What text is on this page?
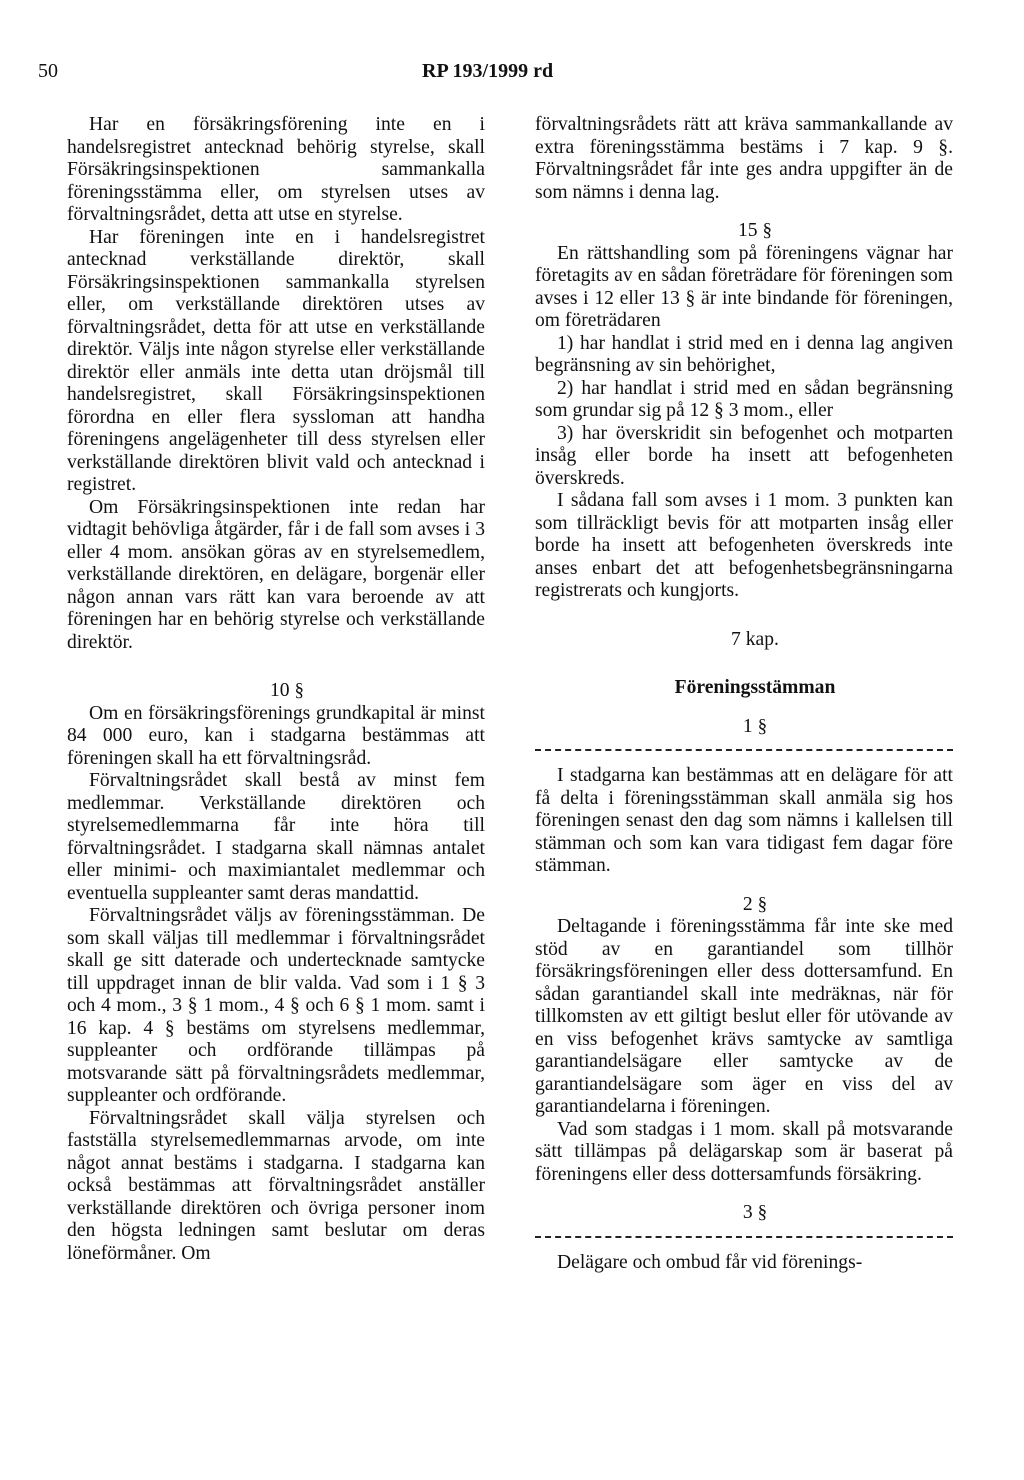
50	RP 193/1999 rd

Har en försäkringsförening inte en i handelsregistret antecknad behörig styrelse, skall Försäkringsinspektionen sammankalla föreningsstämma eller, om styrelsen utses av förvaltningsrådet, detta att utse en styrelse.

Har föreningen inte en i handelsregistret antecknad verkställande direktör, skall Försäkringsinspektionen sammankalla styrelsen eller, om verkställande direktören utses av förvaltningsrådet, detta för att utse en verkställande direktör. Väljs inte någon styrelse eller verkställande direktör eller anmäls inte detta utan dröjsmål till handelsregistret, skall Försäkringsinspektionen förordna en eller flera syssloman att handha föreningens angelägenheter till dess styrelsen eller verkställande direktören blivit vald och antecknad i registret.

Om Försäkringsinspektionen inte redan har vidtagit behövliga åtgärder, får i de fall som avses i 3 eller 4 mom. ansökan göras av en styrelsemedlem, verkställande direktören, en delägare, borgenär eller någon annan vars rätt kan vara beroende av att föreningen har en behörig styrelse och verkställande direktör.

10 §

Om en försäkringsförenings grundkapital är minst 84 000 euro, kan i stadgarna bestämmas att föreningen skall ha ett förvaltningsråd.

Förvaltningsrådet skall bestå av minst fem medlemmar. Verkställande direktören och styrelsemedlemmarna får inte höra till förvaltningsrådet. I stadgarna skall nämnas antalet eller minimi- och maximiantalet medlemmar och eventuella suppleanter samt deras mandattid.

Förvaltningsrådet väljs av föreningsstämman. De som skall väljas till medlemmar i förvaltningsrådet skall ge sitt daterade och undertecknade samtycke till uppdraget innan de blir valda. Vad som i 1 § 3 och 4 mom., 3 § 1 mom., 4 § och 6 § 1 mom. samt i 16 kap. 4 § bestäms om styrelsens medlemmar, suppleanter och ordförande tillämpas på motsvarande sätt på förvaltningsrådets medlemmar, suppleanter och ordförande.

Förvaltningsrådet skall välja styrelsen och fastställa styrelsemedlemmarnas arvode, om inte något annat bestäms i stadgarna. I stadgarna kan också bestämmas att förvaltningsrådet anställer verkställande direktören och övriga personer inom den högsta ledningen samt beslutar om deras löneförmåner. Om

förvaltningsrådets rätt att kräva sammankallande av extra föreningsstämma bestäms i 7 kap. 9 §. Förvaltningsrådet får inte ges andra uppgifter än de som nämns i denna lag.

15 §

En rättshandling som på föreningens vägnar har företagits av en sådan företrädare för föreningen som avses i 12 eller 13 § är inte bindande för föreningen, om företrädaren

1) har handlat i strid med en i denna lag angiven begränsning av sin behörighet,

2) har handlat i strid med en sådan begränsning som grundar sig på 12 § 3 mom., eller

3) har överskridit sin befogenhet och motparten insåg eller borde ha insett att befogenheten överskreds.

I sådana fall som avses i 1 mom. 3 punkten kan som tillräckligt bevis för att motparten insåg eller borde ha insett att befogenheten överskreds inte anses enbart det att befogenhetsbegränsningarna registrerats och kungjorts.

7 kap.

Föreningsstämman

1 §

I stadgarna kan bestämmas att en delägare för att få delta i föreningsstämman skall anmäla sig hos föreningen senast den dag som nämns i kallelsen till stämman och som kan vara tidigast fem dagar före stämman.

2 §

Deltagande i föreningsstämma får inte ske med stöd av en garantiandel som tillhör försäkringsföreningen eller dess dottersamfund. En sådan garantiandel skall inte medräknas, när för tillkomsten av ett giltigt beslut eller för utövande av en viss befogenhet krävs samtycke av samtliga garantiandelsägare eller samtycke av de garantiandelsägare som äger en viss del av garantiandelarna i föreningen.

Vad som stadgas i 1 mom. skall på motsvarande sätt tillämpas på delägarskap som är baserat på föreningens eller dess dottersamfunds försäkring.

3 §

Delägare och ombud får vid förenings-
